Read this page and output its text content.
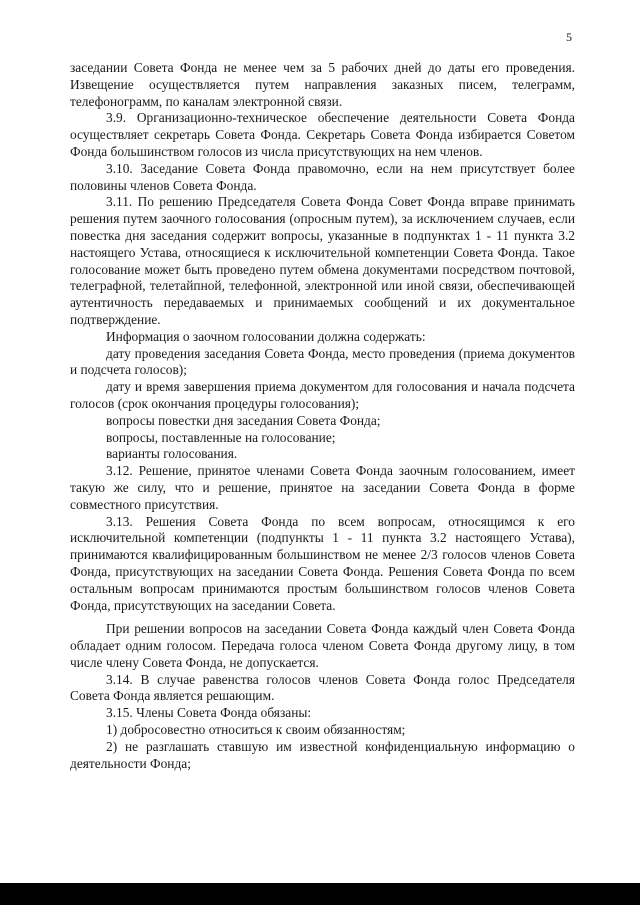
5

заседании Совета Фонда не менее чем за 5 рабочих дней до даты его проведения. Извещение осуществляется путем направления заказных писем, телеграмм, телефонограмм, по каналам электронной связи.

3.9. Организационно-техническое обеспечение деятельности Совета Фонда осуществляет секретарь Совета Фонда. Секретарь Совета Фонда избирается Советом Фонда большинством голосов из числа присутствующих на нем членов.

3.10. Заседание Совета Фонда правомочно, если на нем присутствует более половины членов Совета Фонда.

3.11. По решению Председателя Совета Фонда Совет Фонда вправе принимать решения путем заочного голосования (опросным путем), за исключением случаев, если повестка дня заседания содержит вопросы, указанные в подпунктах 1 - 11 пункта 3.2 настоящего Устава, относящиеся к исключительной компетенции Совета Фонда. Такое голосование может быть проведено путем обмена документами посредством почтовой, телеграфной, телетайпной, телефонной, электронной или иной связи, обеспечивающей аутентичность передаваемых и принимаемых сообщений и их документальное подтверждение.

Информация о заочном голосовании должна содержать:

дату проведения заседания Совета Фонда, место проведения (приема документов и подсчета голосов);

дату и время завершения приема документом для голосования и начала подсчета голосов (срок окончания процедуры голосования);

вопросы повестки дня заседания Совета Фонда;

вопросы, поставленные на голосование;

варианты голосования.

3.12. Решение, принятое членами Совета Фонда заочным голосованием, имеет такую же силу, что и решение, принятое на заседании Совета Фонда в форме совместного присутствия.

3.13. Решения Совета Фонда по всем вопросам, относящимся к его исключительной компетенции (подпункты 1 - 11 пункта 3.2 настоящего Устава), принимаются квалифицированным большинством не менее 2/3 голосов членов Совета Фонда, присутствующих на заседании Совета Фонда. Решения Совета Фонда по всем остальным вопросам принимаются простым большинством голосов членов Совета Фонда, присутствующих на заседании Совета.

При решении вопросов на заседании Совета Фонда каждый член Совета Фонда обладает одним голосом. Передача голоса членом Совета Фонда другому лицу, в том числе члену Совета Фонда, не допускается.

3.14. В случае равенства голосов членов Совета Фонда голос Председателя Совета Фонда является решающим.

3.15. Члены Совета Фонда обязаны:

1) добросовестно относиться к своим обязанностям;

2) не разглашать ставшую им известной конфиденциальную информацию о деятельности Фонда;
